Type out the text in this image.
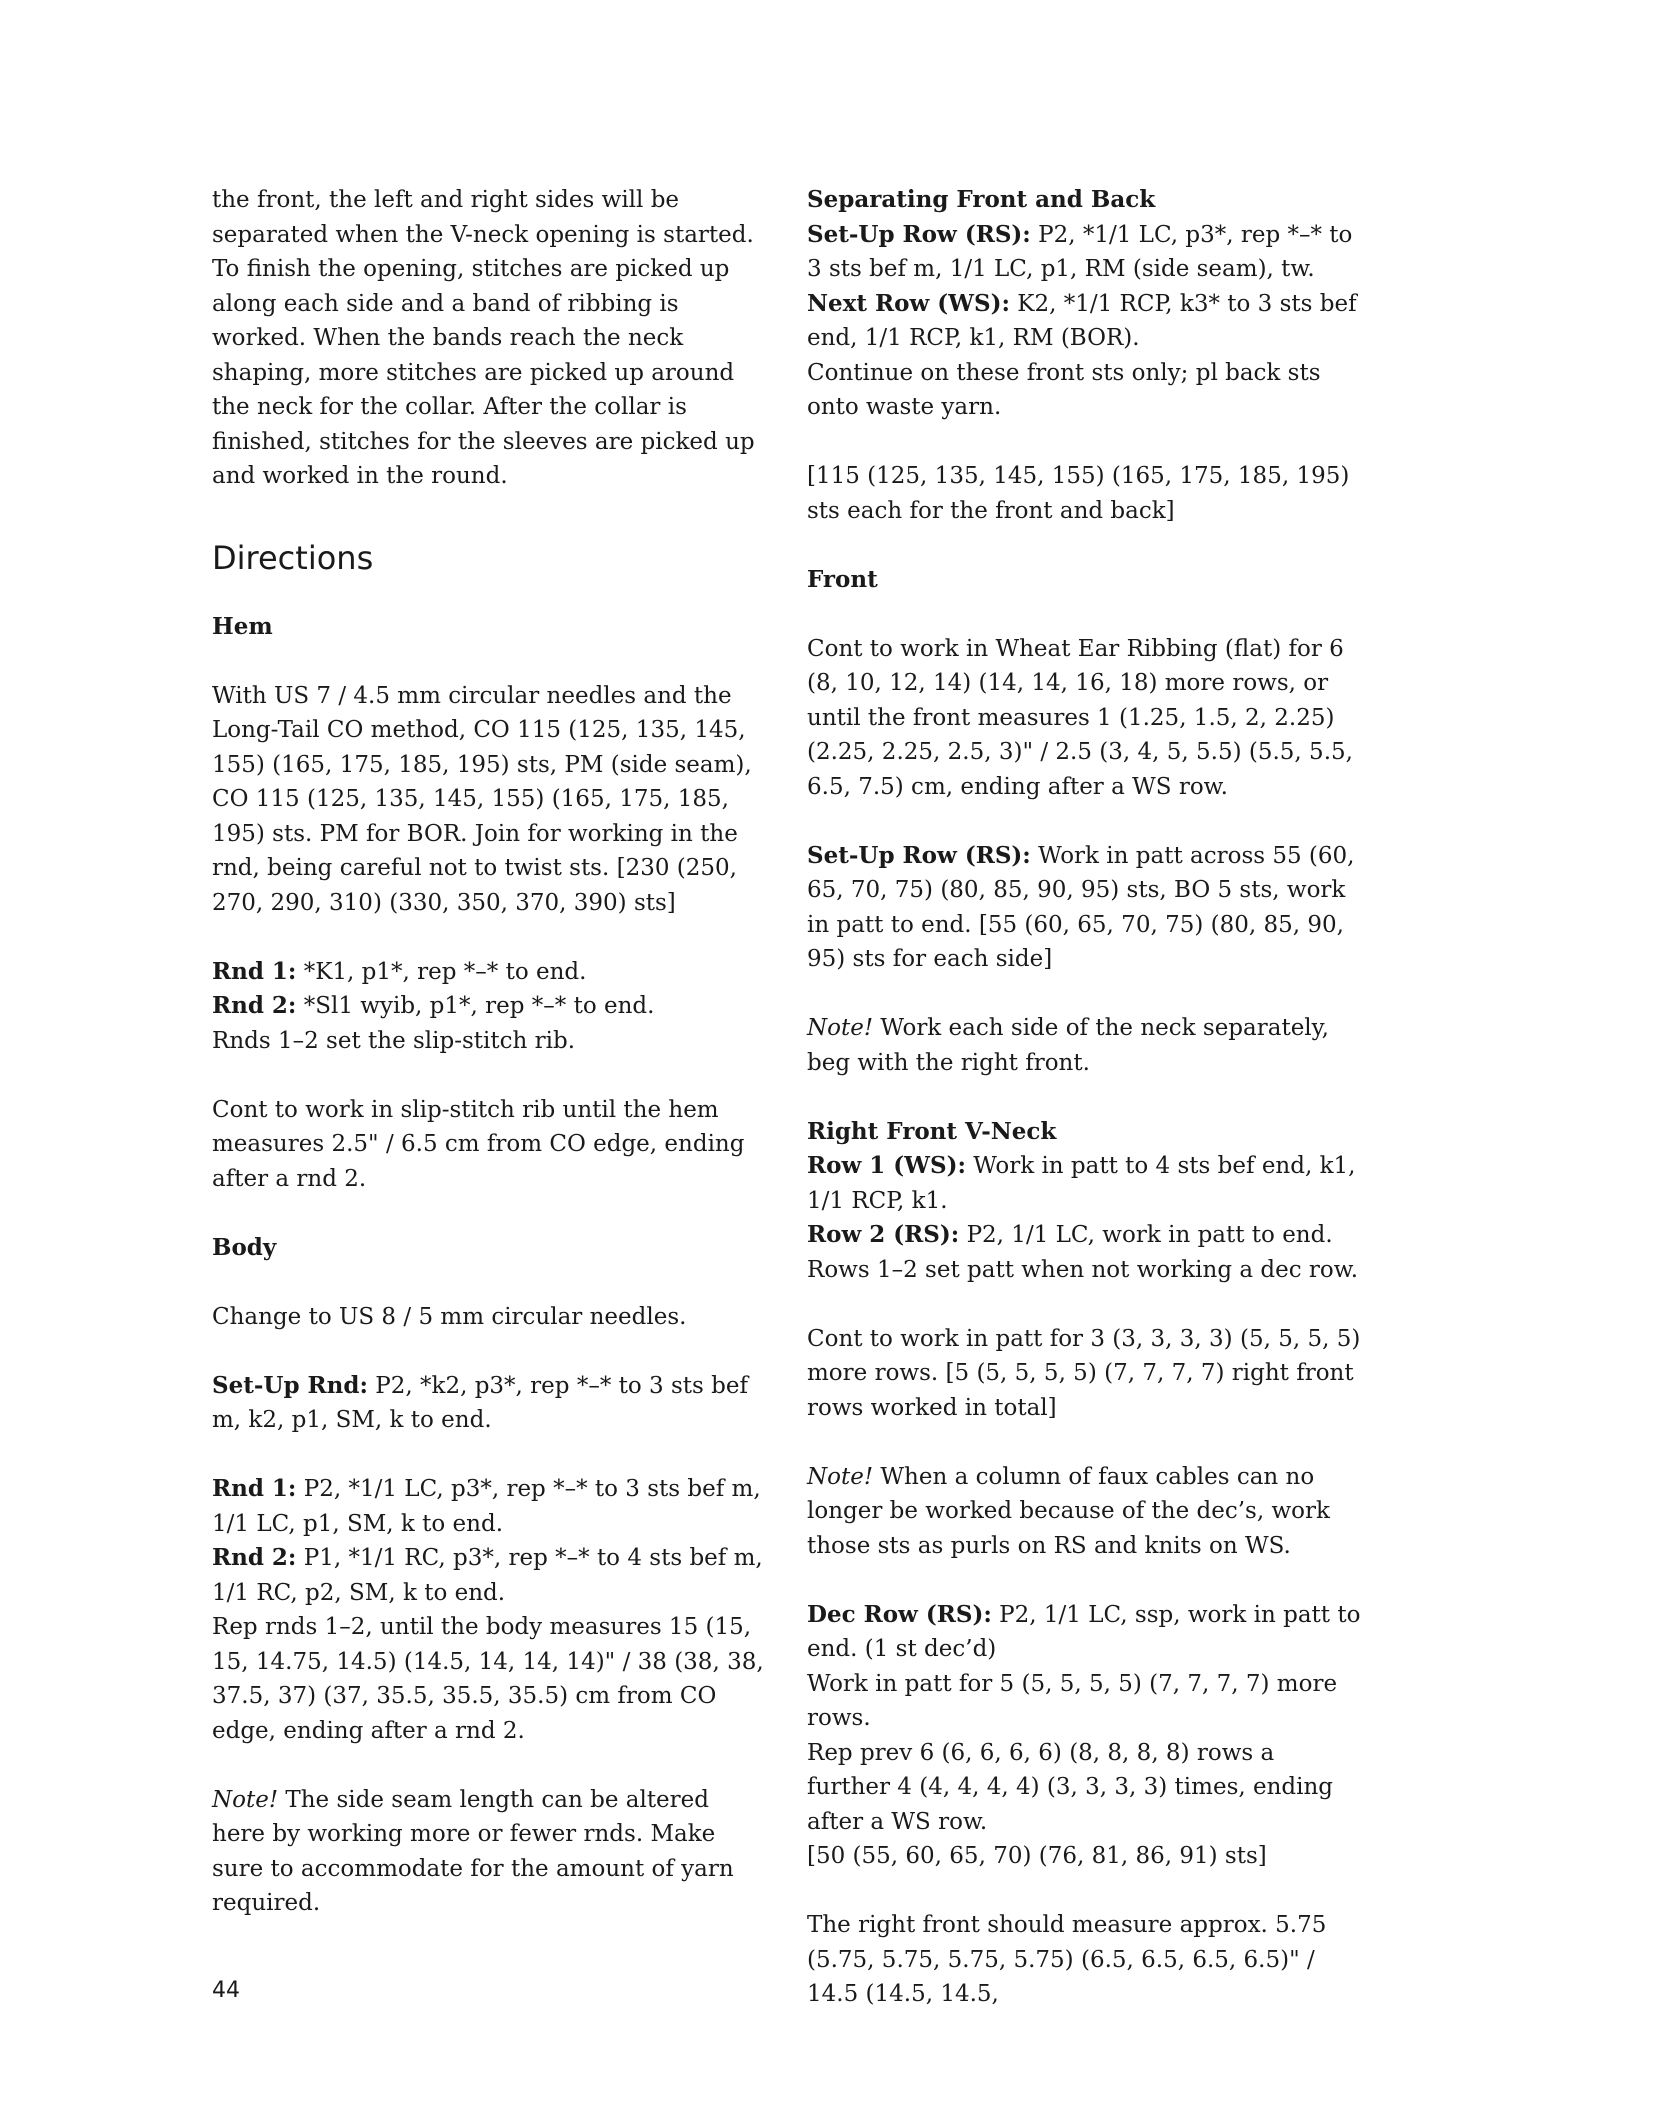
the front, the left and right sides will be separated when the V-neck opening is started. To finish the opening, stitches are picked up along each side and a band of ribbing is worked. When the bands reach the neck shaping, more stitches are picked up around the neck for the collar. After the collar is finished, stitches for the sleeves are picked up and worked in the round.

Directions
Hem

With US 7 / 4.5 mm circular needles and the Long-Tail CO method, CO 115 (125, 135, 145, 155) (165, 175, 185, 195) sts, PM (side seam), CO 115 (125, 135, 145, 155) (165, 175, 185, 195) sts. PM for BOR. Join for working in the rnd, being careful not to twist sts. [230 (250, 270, 290, 310) (330, 350, 370, 390) sts]

Rnd 1: *K1, p1*, rep *–* to end.
Rnd 2: *Sl1 wyib, p1*, rep *–* to end.

Rnds 1–2 set the slip-stitch rib.

Cont to work in slip-stitch rib until the hem measures 2.5" / 6.5 cm from CO edge, ending after a rnd 2.

Body

Change to US 8 / 5 mm circular needles.

Set-Up Rnd: P2, *k2, p3*, rep *–* to 3 sts bef m, k2, p1, SM, k to end.

Rnd 1: P2, *1/1 LC, p3*, rep *–* to 3 sts bef m, 1/1 LC, p1, SM, k to end.
Rnd 2: P1, *1/1 RC, p3*, rep *–* to 4 sts bef m, 1/1 RC, p2, SM, k to end.

Rep rnds 1–2, until the body measures 15 (15, 15, 14.75, 14.5) (14.5, 14, 14, 14)" / 38 (38, 38, 37.5, 37) (37, 35.5, 35.5, 35.5) cm from CO edge, ending after a rnd 2.

Note! The side seam length can be altered here by working more or fewer rnds. Make sure to accommodate for the amount of yarn required.

Separating Front and Back
Set-Up Row (RS): P2, *1/1 LC, p3*, rep *–* to 3 sts bef m, 1/1 LC, p1, RM (side seam), tw.
Next Row (WS): K2, *1/1 RCP, k3* to 3 sts bef end, 1/1 RCP, k1, RM (BOR).

Continue on these front sts only; pl back sts onto waste yarn.

[115 (125, 135, 145, 155) (165, 175, 185, 195) sts each for the front and back]

Front

Cont to work in Wheat Ear Ribbing (flat) for 6 (8, 10, 12, 14) (14, 14, 16, 18) more rows, or until the front measures 1 (1.25, 1.5, 2, 2.25) (2.25, 2.25, 2.5, 3)" / 2.5 (3, 4, 5, 5.5) (5.5, 5.5, 6.5, 7.5) cm, ending after a WS row.

Set-Up Row (RS): Work in patt across 55 (60, 65, 70, 75) (80, 85, 90, 95) sts, BO 5 sts, work in patt to end. [55 (60, 65, 70, 75) (80, 85, 90, 95) sts for each side]

Note! Work each side of the neck separately, beg with the right front.

Right Front V-Neck
Row 1 (WS): Work in patt to 4 sts bef end, k1, 1/1 RCP, k1.
Row 2 (RS): P2, 1/1 LC, work in patt to end.

Rows 1–2 set patt when not working a dec row.

Cont to work in patt for 3 (3, 3, 3, 3) (5, 5, 5, 5) more rows. [5 (5, 5, 5, 5) (7, 7, 7, 7) right front rows worked in total]

Note! When a column of faux cables can no longer be worked because of the dec’s, work those sts as purls on RS and knits on WS.

Dec Row (RS): P2, 1/1 LC, ssp, work in patt to end. (1 st dec’d)
Work in patt for 5 (5, 5, 5, 5) (7, 7, 7, 7) more rows.
Rep prev 6 (6, 6, 6, 6) (8, 8, 8, 8) rows a further 4 (4, 4, 4, 4) (3, 3, 3, 3) times, ending after a WS row.

[50 (55, 60, 65, 70) (76, 81, 86, 91) sts]

The right front should measure approx. 5.75 (5.75, 5.75, 5.75, 5.75) (6.5, 6.5, 6.5, 6.5)" / 14.5 (14.5, 14.5,

44
